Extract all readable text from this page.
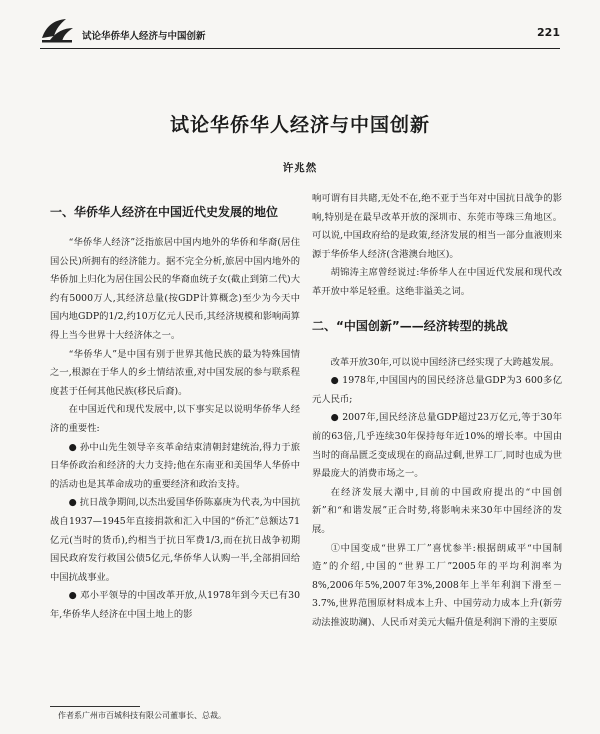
试论华侨华人经济与中国创新	221
试论华侨华人经济与中国创新
许兆然
一、华侨华人经济在中国近代史发展的地位

“华侨华人经济”泛指旅居中国内地外的华侨和华裔(居住国公民)所拥有的经济能力。据不完全分析,旅居中国内地外的华侨加上归化为居住国公民的华裔血统子女(截止到第二代)大约有5000万人,其经济总量(按GDP计算概念)至少为今天中国内地GDP的1/2,约10万亿元人民币,其经济规模和影响両算得上当今世界十大经济体之一。

“华侨华人”是中国有别于世界其他民族的最为特殊国情之一,根源在于华人的乡土情结浓重,对中国发展的参与联系程度甚于任何其他民族(移民后裔)。

在中国近代和现代发展中,以下事实足以说明华侨华人经济的重要性:

● 孙中山先生领导辛亥革命结束清朝封建统治,得力于旅日华侨政治和经济的大力支持;他在东南亚和美国华人华侨中的活动也是其革命成功的重要经济和政治支持。

● 抗日战争期间,以杰出爱国华侨陈嘉庚为代表,为中国抗战自1937—1945年直接捐款和汇入中国的“侨汇”总额达71亿元(当时的货币),约相当于抗日军费1/3,而在抗日战争初期国民政府发行救国公债5亿元,华侨华人认购一半,全部捐回给中国抗战事业。

● 邓小平领导的中国改革开放,从1978年到今天已有30年,华侨华人经济在中国土地上的影

响可谓有目共睹,无处不在,绝不亚于当年对中国抗日战争的影响,特别是在最早改革开放的深圳市、东莞市等珠三角地区。可以说,中国政府给的是政策,经济发展的相当一部分血液则来源于华侨华人经济(含港澳台地区)。

胡锦涛主席曾经说过:华侨华人在中国近代发展和现代改革开放中举足轻重。这绝非溢美之词。

二、“中国创新”——经济转型的挑战

改革开放30年,可以说中国经济已经实现了大跨越发展。

● 1978年,中国国内的国民经济总量GDP为3 600多亿元人民币;

● 2007年,国民经济总量GDP超过23万亿元,等于30年前的63倍,几乎连续30年保持每年近10%的增长率。中国由当时的商品匮乏变成现在的商品过剩,世界工厂,同时也成为世界最庞大的消费市场之一。

在经济发展大潮中,目前的中国政府提出的“中国创新”和“和谐发展”正合时势,将影响未来30年中国经济的发展。

①中国变成“世界工厂”喜忧参半:根据朗咸平“中国制造”的介绍,中国的“世界工厂”2005年的平均利润率为8%,2006年5%,2007年3%,2008年上半年利润下滑至－3.7%,世界范围原材料成本上升、中国劳动力成本上升(新劳动法推波助澜)、人民币对美元大幅升值是利润下滑的主要原

作者系广州市百城科技有限公司董事长、总裁。
